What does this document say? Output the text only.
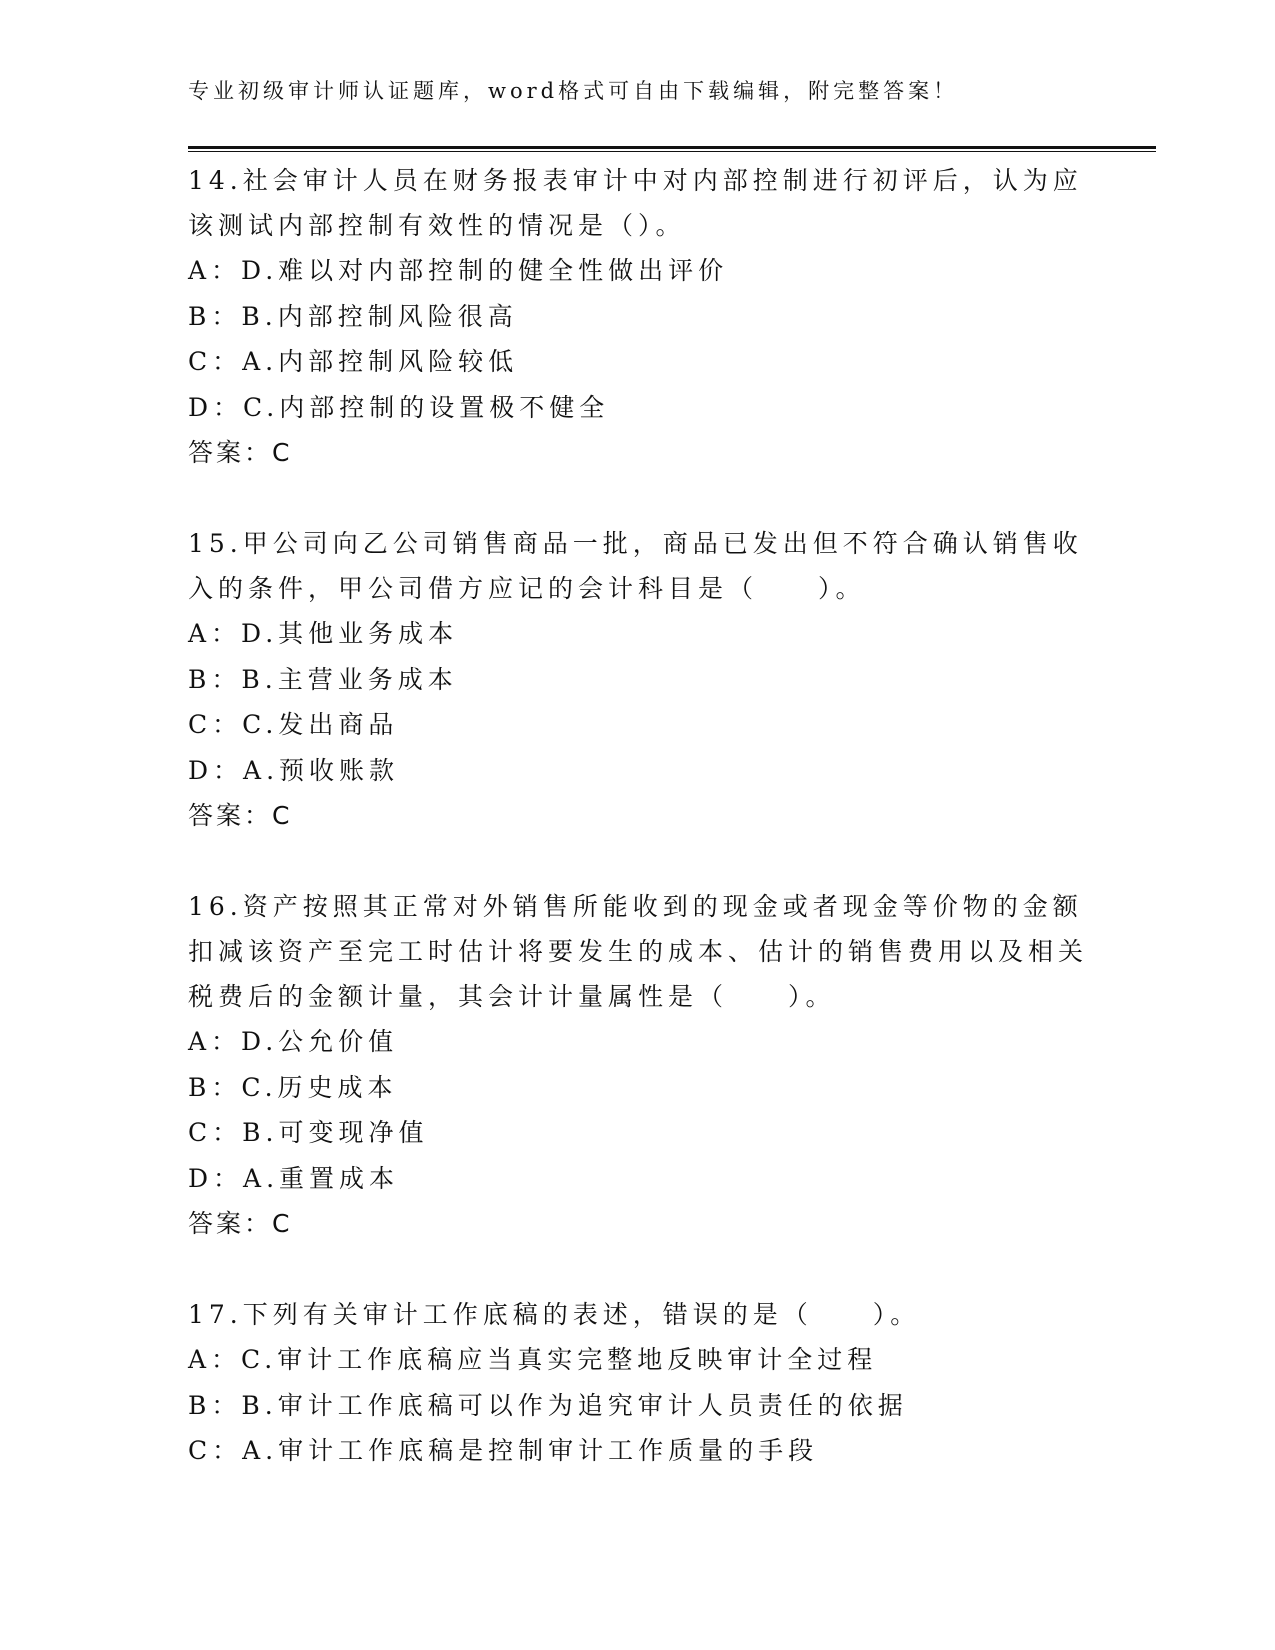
专业初级审计师认证题库，word格式可自由下载编辑，附完整答案！

14.社会审计人员在财务报表审计中对内部控制进行初评后，认为应该测试内部控制有效性的情况是（）。

A：D.难以对内部控制的健全性做出评价

B：B.内部控制风险很高

C：A.内部控制风险较低

D：C.内部控制的设置极不健全

答案：C

15.甲公司向乙公司销售商品一批，商品已发出但不符合确认销售收入的条件，甲公司借方应记的会计科目是（　　）。

A：D.其他业务成本

B：B.主营业务成本

C：C.发出商品

D：A.预收账款

答案：C

16.资产按照其正常对外销售所能收到的现金或者现金等价物的金额扣减该资产至完工时估计将要发生的成本、估计的销售费用以及相关税费后的金额计量，其会计计量属性是（　　）。

A：D.公允价值

B：C.历史成本

C：B.可变现净值

D：A.重置成本

答案：C

17.下列有关审计工作底稿的表述，错误的是（　　）。

A：C.审计工作底稿应当真实完整地反映审计全过程

B：B.审计工作底稿可以作为追究审计人员责任的依据

C：A.审计工作底稿是控制审计工作质量的手段
